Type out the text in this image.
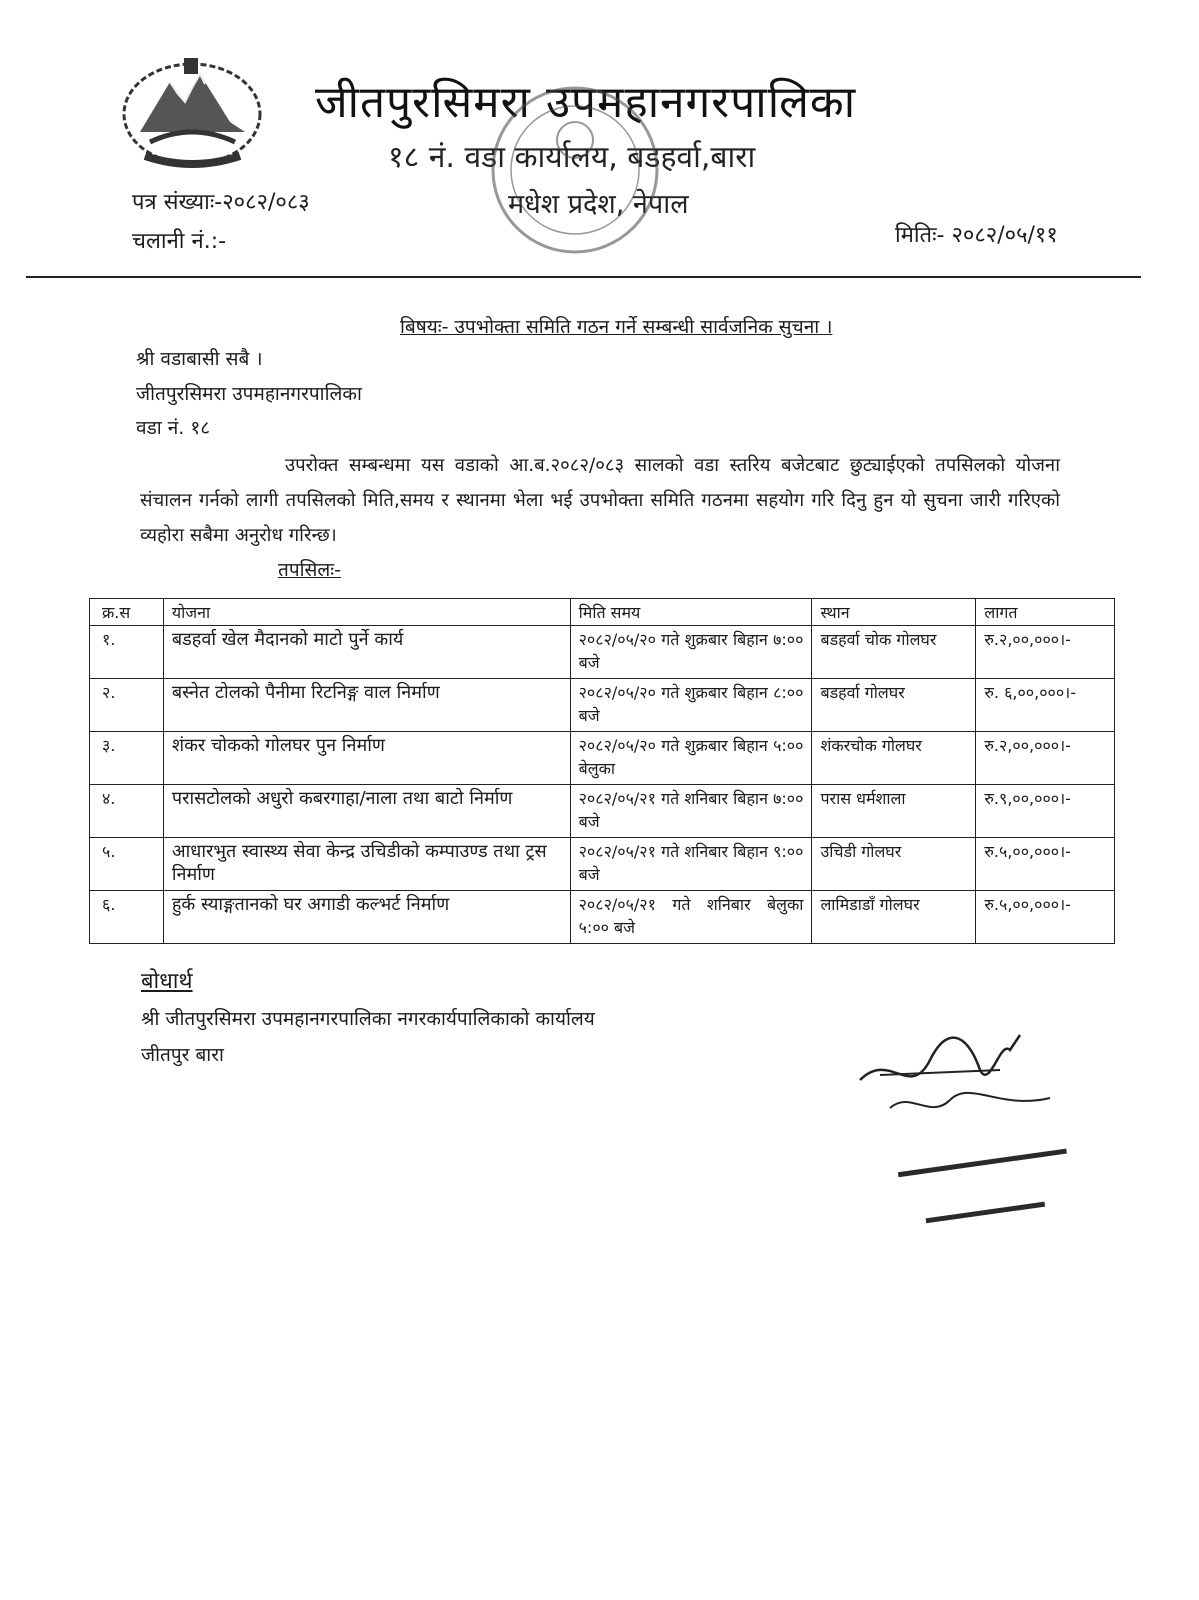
जीतपुरसिमरा उपमहानगरपालिका
१८ नं. वडा कार्यालय, बडहर्वा,बारा
मधेश प्रदेश, नेपाल
पत्र संख्याः-२०८२/०८३
चलानी नं.:-	मितिः- २०८२/०५/११
बिषयः- उपभोक्ता समिति गठन गर्ने सम्बन्धी सार्वजनिक सुचना ।
श्री वडाबासी सबै ।
जीतपुरसिमरा उपमहानगरपालिका
वडा नं. १८
उपरोक्त सम्बन्धमा यस वडाको आ.ब.२०८२/०८३ सालको वडा स्तरिय बजेटबाट छुट्याईएको तपसिलको योजना संचालन गर्नको लागी तपसिलको मिति,समय र स्थानमा भेला भई उपभोक्ता समिति गठनमा सहयोग गरि दिनु हुन यो सुचना जारी गरिएको व्यहोरा सबैमा अनुरोध गरिन्छ।
तपसिलः-
क्र.स	योजना	मिति समय	स्थान	लागत
१.	बडहर्वा खेल मैदानको माटो पुर्ने कार्य	२०८२/०५/२० गते शुक्रबार बिहान ७:०० बजे	बडहर्वा चोक गोलघर	रु.२,००,०००।-
२.	बस्नेत टोलको पैनीमा रिटनिङ्ग वाल निर्माण	२०८२/०५/२० गते शुक्रबार बिहान ८:०० बजे	बडहर्वा गोलघर	रु. ६,००,०००।-
३.	शंकर चोकको गोलघर पुन निर्माण	२०८२/०५/२० गते शुक्रबार बिहान ५:०० बेलुका	शंकरचोक गोलघर	रु.२,००,०००।-
४.	परासटोलको अधुरो कबरगाहा/नाला तथा बाटो निर्माण	२०८२/०५/२१ गते शनिबार बिहान ७:०० बजे	परास धर्मशाला	रु.९,००,०००।-
५.	आधारभुत स्वास्थ्य सेवा केन्द्र उचिडीको कम्पाउण्ड तथा ट्रस निर्माण	२०८२/०५/२१ गते शनिबार बिहान ९:०० बजे	उचिडी गोलघर	रु.५,००,०००।-
६.	हुर्क स्याङ्गतानको घर अगाडी कल्भर्ट निर्माण	२०८२/०५/२१ गते शनिबार बेलुका ५:०० बजे	लामिडाडाँ गोलघर	रु.५,००,०००।-
बोधार्थ
श्री जीतपुरसिमरा उपमहानगरपालिका नगरकार्यपालिकाको कार्यालय
जीतपुर बारा
